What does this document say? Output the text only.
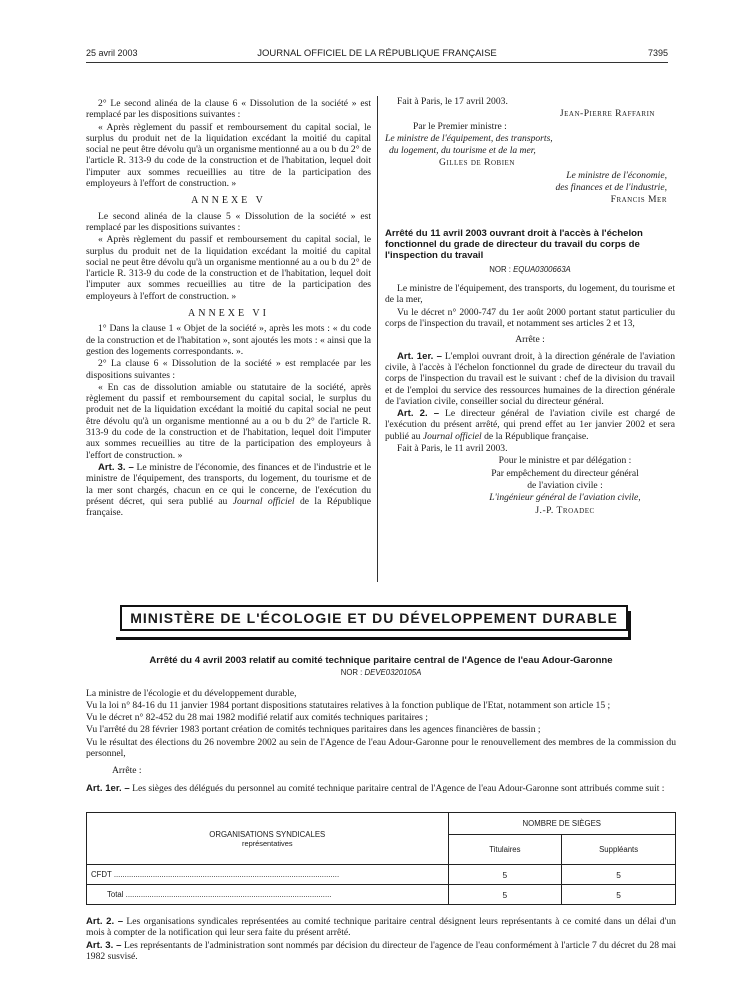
25 avril 2003	JOURNAL OFFICIEL DE LA RÉPUBLIQUE FRANÇAISE	7395

2° Le second alinéa de la clause 6 « Dissolution de la société » est remplacé par les dispositions suivantes :

« Après règlement du passif et remboursement du capital social, le surplus du produit net de la liquidation excédant la moitié du capital social ne peut être dévolu qu'à un organisme mentionné au a ou b du 2° de l'article R. 313-9 du code de la construction et de l'habitation, lequel doit l'imputer aux sommes recueillies au titre de la participation des employeurs à l'effort de construction. »

ANNEXE V

Le second alinéa de la clause 5 « Dissolution de la société » est remplacé par les dispositions suivantes :

« Après règlement du passif et remboursement du capital social, le surplus du produit net de la liquidation excédant la moitié du capital social ne peut être dévolu qu'à un organisme mentionné au a ou b du 2° de l'article R. 313-9 du code de la construction et de l'habitation, lequel doit l'imputer aux sommes recueillies au titre de la participation des employeurs à l'effort de construction. »

ANNEXE VI

1° Dans la clause 1 « Objet de la société », après les mots : « du code de la construction et de l'habitation », sont ajoutés les mots : « ainsi que la gestion des logements correspondants. ».

2° La clause 6 « Dissolution de la société » est remplacée par les dispositions suivantes :

« En cas de dissolution amiable ou statutaire de la société, après règlement du passif et remboursement du capital social, le surplus du produit net de la liquidation excédant la moitié du capital social ne peut être dévolu qu'à un organisme mentionné au a ou b du 2° de l'article R. 313-9 du code de la construction et de l'habitation, lequel doit l'imputer aux sommes recueillies au titre de la participation des employeurs à l'effort de construction. »

Art. 3. – Le ministre de l'économie, des finances et de l'industrie et le ministre de l'équipement, des transports, du logement, du tourisme et de la mer sont chargés, chacun en ce qui le concerne, de l'exécution du présent décret, qui sera publié au Journal officiel de la République française.

Fait à Paris, le 17 avril 2003.

Jean-Pierre Raffarin

Par le Premier ministre :

Le ministre de l'équipement, des transports,

du logement, du tourisme et de la mer,

Gilles de Robien

Le ministre de l'économie,

des finances et de l'industrie,

Francis Mer

Arrêté du 11 avril 2003 ouvrant droit à l'accès à l'échelon fonctionnel du grade de directeur du travail du corps de l'inspection du travail
NOR : EQUA0300663A

Le ministre de l'équipement, des transports, du logement, du tourisme et de la mer,

Vu le décret n° 2000-747 du 1er août 2000 portant statut particulier du corps de l'inspection du travail, et notamment ses articles 2 et 13,

Arrête :

Art. 1er. – L'emploi ouvrant droit, à la direction générale de l'aviation civile, à l'accès à l'échelon fonctionnel du grade de directeur du travail du corps de l'inspection du travail est le suivant : chef de la division du travail et de l'emploi du service des ressources humaines de la direction générale de l'aviation civile, conseiller social du directeur général.

Art. 2. – Le directeur général de l'aviation civile est chargé de l'exécution du présent arrêté, qui prend effet au 1er janvier 2002 et sera publié au Journal officiel de la République française.

Fait à Paris, le 11 avril 2003.

Pour le ministre et par délégation :

Par empêchement du directeur général

de l'aviation civile :

L'ingénieur général de l'aviation civile,

J.-P. Troadec

MINISTÈRE DE L'ÉCOLOGIE ET DU DÉVELOPPEMENT DURABLE
Arrêté du 4 avril 2003 relatif au comité technique paritaire central de l'Agence de l'eau Adour-Garonne
NOR : DEVE0320105A

La ministre de l'écologie et du développement durable,

Vu la loi n° 84-16 du 11 janvier 1984 portant dispositions statutaires relatives à la fonction publique de l'Etat, notamment son article 15 ;

Vu le décret n° 82-452 du 28 mai 1982 modifié relatif aux comités techniques paritaires ;

Vu l'arrêté du 28 février 1983 portant création de comités techniques paritaires dans les agences financières de bassin ;

Vu le résultat des élections du 26 novembre 2002 au sein de l'Agence de l'eau Adour-Garonne pour le renouvellement des membres de la commission du personnel,

Arrête :

Art. 1er. – Les sièges des délégués du personnel au comité technique paritaire central de l'Agence de l'eau Adour-Garonne sont attribués comme suit :

ORGANISATIONS SYNDICALES
représentatives	NOMBRE DE SIÈGES	
	Titulaires	Suppléants
CFDT ........................................................................................................	5	5
Total ...............................................................................................	5	5

Art. 2. – Les organisations syndicales représentées au comité technique paritaire central désignent leurs représentants à ce comité dans un délai d'un mois à compter de la notification qui leur sera faite du présent arrêté.

Art. 3. – Les représentants de l'administration sont nommés par décision du directeur de l'agence de l'eau conformément à l'article 7 du décret du 28 mai 1982 susvisé.
